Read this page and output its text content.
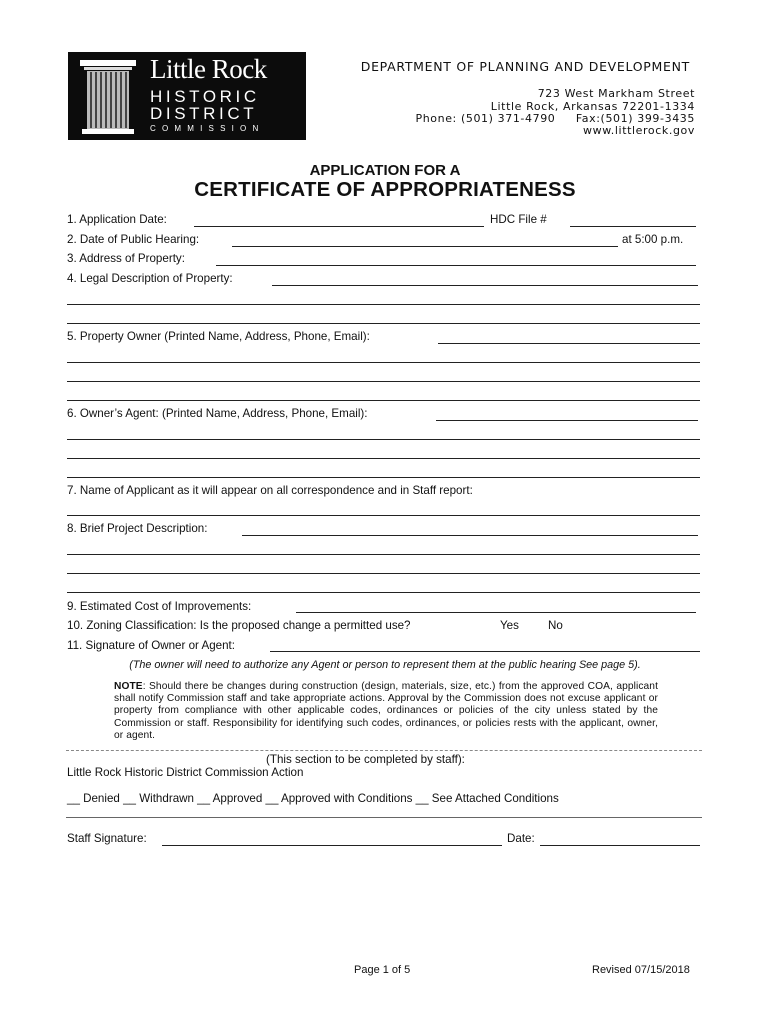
Little Rock
HISTORIC
DISTRICT
COMMISSION
DEPARTMENT OF PLANNING AND DEVELOPMENT
723 West Markham Street
Little Rock, Arkansas 72201-1334
Phone: (501) 371-4790     Fax:(501) 399-3435
www.littlerock.gov
APPLICATION FOR A
CERTIFICATE OF APPROPRIATENESS
1. Application Date:	HDC File #
2. Date of Public Hearing:	at 5:00 p.m.
3. Address of Property:
4. Legal Description of Property:
5. Property Owner (Printed Name, Address, Phone, Email):
6. Owner’s Agent: (Printed Name, Address, Phone, Email):
7. Name of Applicant as it will appear on all correspondence and in Staff report:
8. Brief Project Description:
9. Estimated Cost of Improvements:
10. Zoning Classification: Is the proposed change a permitted use?	Yes	No
11. Signature of Owner or Agent:
(The owner will need to authorize any Agent or person to represent them at the public hearing See page 5).
NOTE: Should there be changes during construction (design, materials, size, etc.) from the approved COA, applicant shall notify Commission staff and take appropriate actions. Approval by the Commission does not excuse applicant or property from compliance with other applicable codes, ordinances or policies of the city unless stated by the Commission or staff. Responsibility for identifying such codes, ordinances, or policies rests with the applicant, owner, or agent.
(This section to be completed by staff):
Little Rock Historic District Commission Action
__ Denied __ Withdrawn __ Approved __ Approved with Conditions __ See Attached Conditions
Staff Signature:	Date:
Page 1 of 5	Revised 07/15/2018
